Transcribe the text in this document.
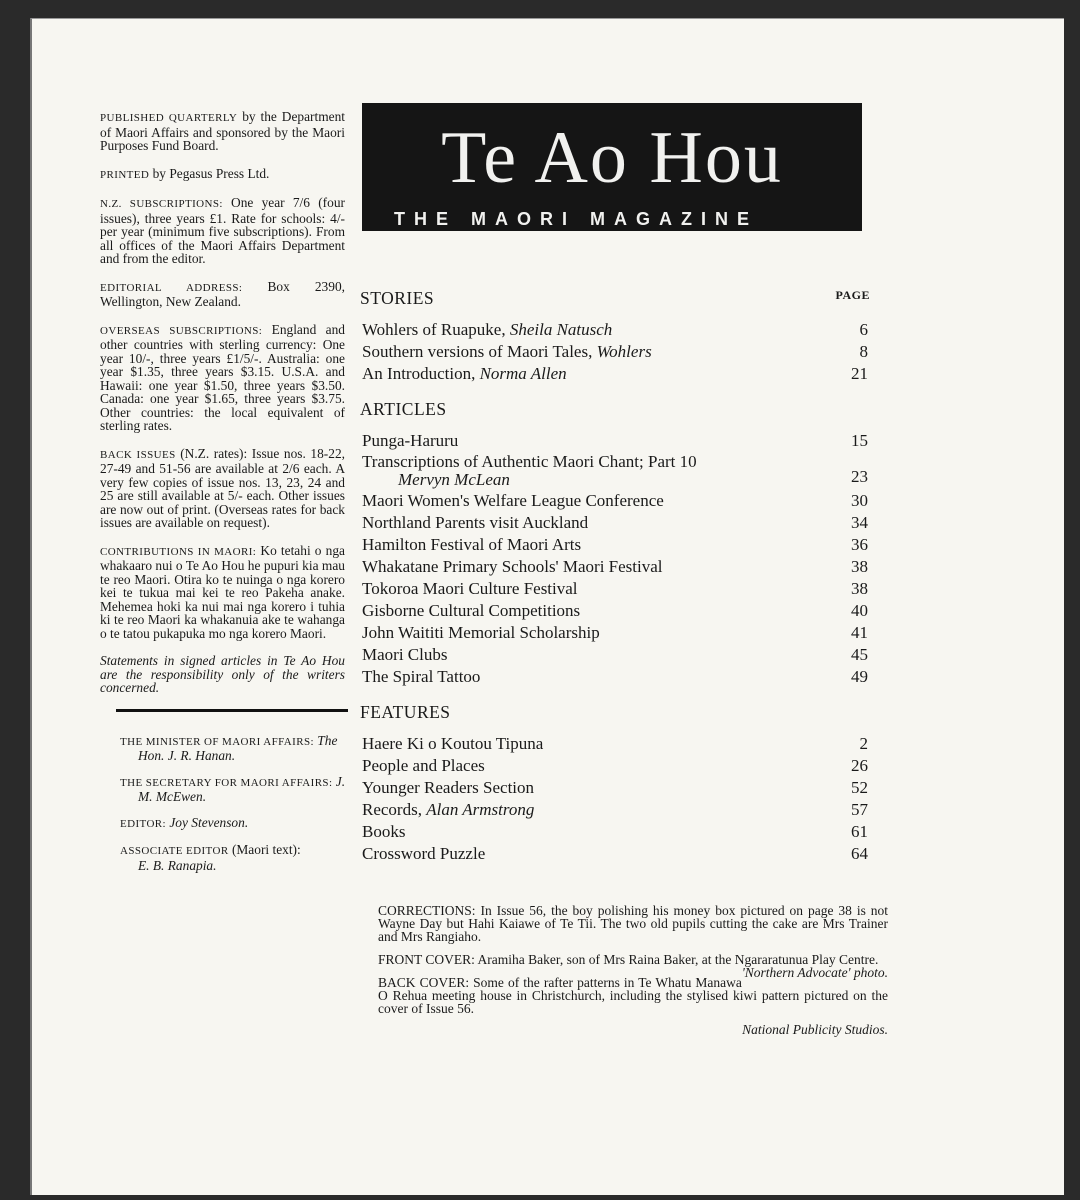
PUBLISHED QUARTERLY by the Department of Maori Affairs and sponsored by the Maori Purposes Fund Board.

PRINTED by Pegasus Press Ltd.

N.Z. SUBSCRIPTIONS: One year 7/6 (four issues), three years £1. Rate for schools: 4/- per year (minimum five subscriptions). From all offices of the Maori Affairs Department and from the editor.

EDITORIAL ADDRESS: Box 2390, Wellington, New Zealand.

OVERSEAS SUBSCRIPTIONS: England and other countries with sterling currency: One year 10/-, three years £1/5/-. Australia: one year $1.35, three years $3.15. U.S.A. and Hawaii: one year $1.50, three years $3.50. Canada: one year $1.65, three years $3.75. Other countries: the local equivalent of sterling rates.

BACK ISSUES (N.Z. rates): Issue nos. 18-22, 27-49 and 51-56 are available at 2/6 each. A very few copies of issue nos. 13, 23, 24 and 25 are still available at 5/- each. Other issues are now out of print. (Overseas rates for back issues are available on request).

CONTRIBUTIONS IN MAORI: Ko tetahi o nga whakaaro nui o Te Ao Hou he pupuri kia mau te reo Maori. Otira ko te nuinga o nga korero kei te tukua mai kei te reo Pakeha anake. Mehemea hoki ka nui mai nga korero i tuhia ki te reo Maori ka whakanuia ake te wahanga o te tatou pukapuka mo nga korero Maori.

Statements in signed articles in Te Ao Hou are the responsibility only of the writers concerned.

THE MINISTER OF MAORI AFFAIRS: The Hon. J. R. Hanan.

THE SECRETARY FOR MAORI AFFAIRS: J. M. McEwen.

EDITOR: Joy Stevenson.

ASSOCIATE EDITOR (Maori text):
E. B. Ranapia.

Te Ao Hou
THE MAORI MAGAZINE
PAGE
STORIES
Wohlers of Ruapuke, Sheila Natusch	6
Southern versions of Maori Tales, Wohlers	8
An Introduction, Norma Allen	21
ARTICLES
Punga-Haruru	15
Transcriptions of Authentic Maori Chant; Part 10
Mervyn McLean	23
Maori Women's Welfare League Conference	30
Northland Parents visit Auckland	34
Hamilton Festival of Maori Arts	36
Whakatane Primary Schools' Maori Festival	38
Tokoroa Maori Culture Festival	38
Gisborne Cultural Competitions	40
John Waititi Memorial Scholarship	41
Maori Clubs	45
The Spiral Tattoo	49
FEATURES
Haere Ki o Koutou Tipuna	2
People and Places	26
Younger Readers Section	52
Records, Alan Armstrong	57
Books	61
Crossword Puzzle	64

CORRECTIONS: In Issue 56, the boy polishing his money box pictured on page 38 is not Wayne Day but Hahi Kaiawe of Te Tii. The two old pupils cutting the cake are Mrs Trainer and Mrs Rangiaho.

FRONT COVER: Aramiha Baker, son of Mrs Raina Baker, at the Ngararatunua Play Centre.
'Northern Advocate' photo.

BACK COVER: Some of the rafter patterns in Te Whatu Manawa O Rehua meeting house in Christchurch, including the stylised kiwi pattern pictured on the cover of Issue 56.

National Publicity Studios.
